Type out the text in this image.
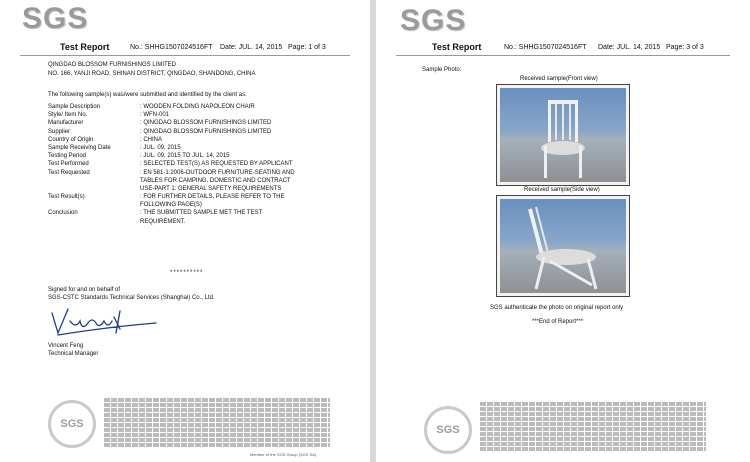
SGS
Test Report	No.: SHHG1507024516FT Date: JUL. 14, 2015 Page: 1 of 3
QINGDAO BLOSSOM FURNISHINGS LIMITED
NO. 166, YANJI ROAD, SHINAN DISTRICT, QINGDAO, SHANDONG, CHINA
The following sample(s) was/were submitted and identified by the client as:
Sample Description	: WOODEN FOLDING NAPOLEON CHAIR
Style/ Item No.	: WFN-001
Manufacturer	: QINGDAO BLOSSOM FURNISHINGS LIMITED
Supplier	: QINGDAO BLOSSOM FURNISHINGS LIMITED
Country of Origin	: CHINA
Sample Receiving Date	: JUL. 09, 2015
Testing Period	: JUL. 09, 2015 TO JUL. 14, 2015
Test Performed	: SELECTED TEST(S) AS REQUESTED BY APPLICANT
Test Requested	: EN 581-1:2006-OUTDOOR FURNITURE-SEATING AND
TABLES FOR CAMPING, DOMESTIC AND CONTRACT
USE-PART 1: GENERAL SAFETY REQUIREMENTS
Test Result(s)	: FOR FURTHER DETAILS, PLEASE REFER TO THE
FOLLOWING PAGE(S)
Conclusion	: THE SUBMITTED SAMPLE MET THE TEST
REQUIREMENT.
**********
Signed for and on behalf of
SGS-CSTC Standards Technical Services (Shanghai) Co., Ltd.
Vincent Feng
Technical Manager
SGS
Member of the SGS Group (SGS SA)
SGS
Test Report	No.: SHHG1507024516FT Date: JUL. 14, 2015 Page: 3 of 3
Sample Photo:
Received sample(Front view)
Received sample(Side view)
SGS authenticate the photo on original report only
***End of Report***
SGS
